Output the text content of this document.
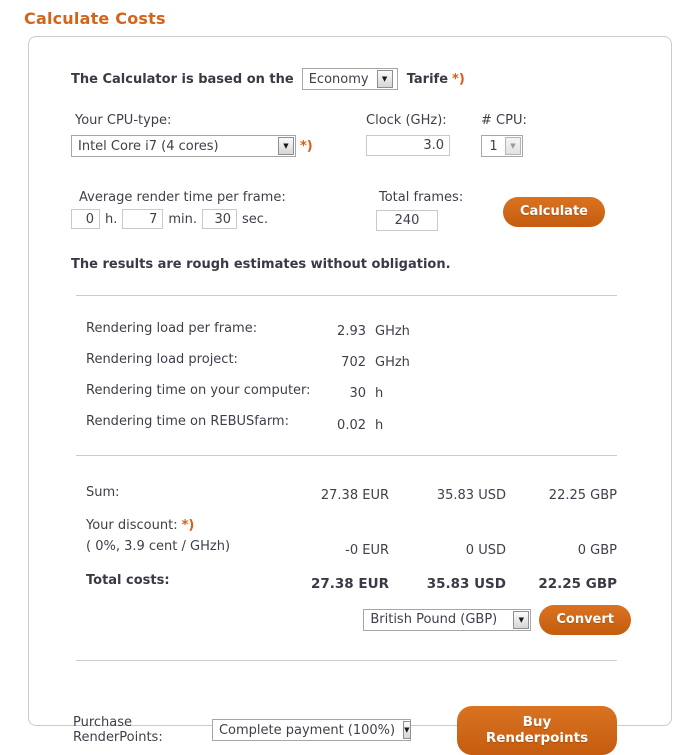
Calculate Costs
The Calculator is based on the	Economy	▼	Tarife *)
Your CPU-type:
Intel Core i7 (4 cores)	▼ *)
Clock (GHz):
3.0	# CPU:
1	▼
Average render time per frame:
0
h.
7	min.
30	sec.
Total frames:
240
Calculate
The results are rough estimates without obligation.
Rendering load per frame:	2.93 GHzh
Rendering load project:	702 GHzh
Rendering time on your computer:	30 h
Rendering time on REBUSfarm:	0.02 h
Sum:	27.38 EUR	35.83 USD	22.25 GBP
Your discount: *)
( 0%, 3.9 cent / GHzh)	-0 EUR	0 USD	0 GBP
Total costs:	27.38 EUR	35.83 USD	22.25 GBP
British Pound (GBP)	▼	Convert
Purchase RenderPoints:	Complete payment (100%)	▼
Buy Renderpoints
